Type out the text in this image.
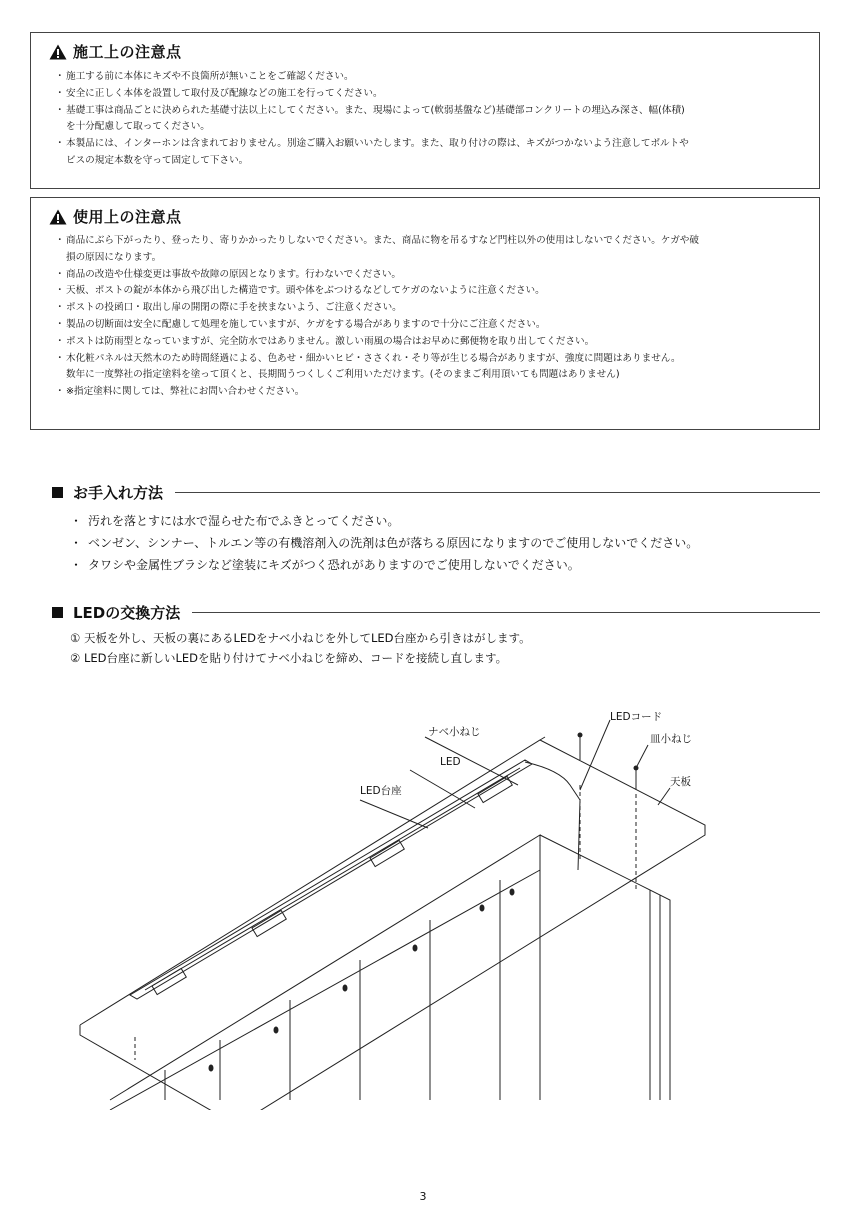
施工上の注意点
・ 施工する前に本体にキズや不良箇所が無いことをご確認ください。
・ 安全に正しく本体を設置して取付及び配線などの施工を行ってください。
・ 基礎工事は商品ごとに決められた基礎寸法以上にしてください。また、現場によって(軟弱基盤など)基礎部コンクリートの埋込み深さ、幅(体積)
を十分配慮して取ってください。
・ 本製品には、インターホンは含まれておりません。別途ご購入お願いいたします。また、取り付けの際は、キズがつかないよう注意してボルトや
ビスの規定本数を守って固定して下さい。
使用上の注意点
・ 商品にぶら下がったり、登ったり、寄りかかったりしないでください。また、商品に物を吊るすなど門柱以外の使用はしないでください。ケガや破
損の原因になります。
・ 商品の改造や仕様変更は事故や故障の原因となります。行わないでください。
・ 天板、ポストの錠が本体から飛び出した構造です。頭や体をぶつけるなどしてケガのないように注意ください。
・ ポストの投函口・取出し扉の開閉の際に手を挟まないよう、ご注意ください。
・ 製品の切断面は安全に配慮して処理を施していますが、ケガをする場合がありますので十分にご注意ください。
・ ポストは防雨型となっていますが、完全防水ではありません。激しい雨風の場合はお早めに郵便物を取り出してください。
・ 木化粧パネルは天然木のため時間経過による、色あせ・細かいヒビ・ささくれ・そり等が生じる場合がありますが、強度に問題はありません。
数年に一度弊社の指定塗料を塗って頂くと、長期間うつくしくご利用いただけます。(そのままご利用頂いても問題はありません)
・ ※指定塗料に関しては、弊社にお問い合わせください。
お手入れ方法
・ 汚れを落とすには水で湿らせた布でふきとってください。
・ ベンゼン、シンナー、トルエン等の有機溶剤入の洗剤は色が落ちる原因になりますのでご使用しないでください。
・ タワシや金属性ブラシなど塗装にキズがつく恐れがありますのでご使用しないでください。
LEDの交換方法
① 天板を外し、天板の裏にあるLEDをナベ小ねじを外してLED台座から引きはがします。
② LED台座に新しいLEDを貼り付けてナベ小ねじを締め、コードを接続し直します。
LEDコード
ナベ小ねじ
皿小ねじ
LED
天板
LED台座
3
